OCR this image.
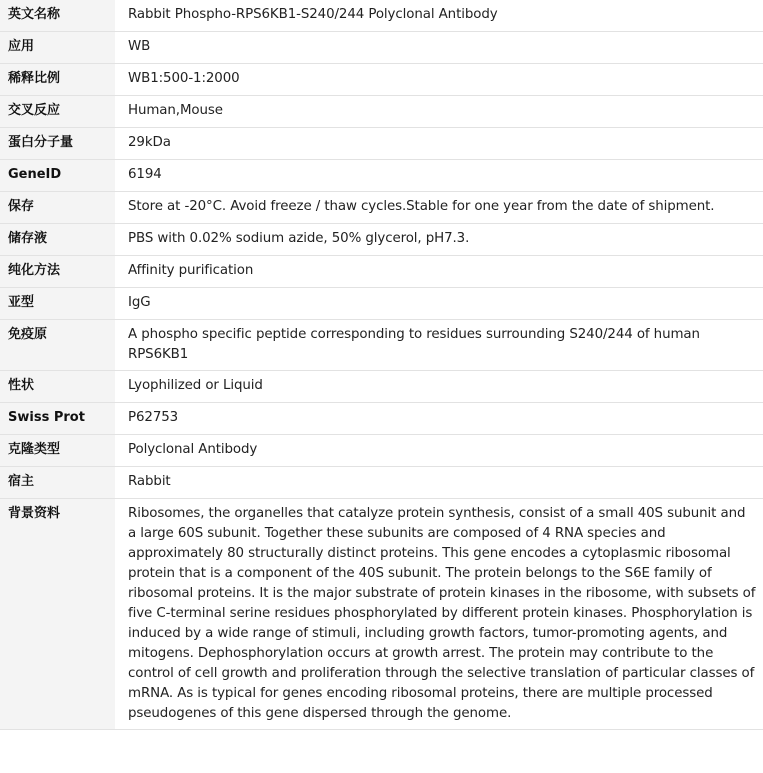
英文名称	Rabbit Phospho-RPS6KB1-S240/244 Polyclonal Antibody
应用	WB
稀释比例	WB1:500-1:2000
交叉反应	Human,Mouse
蛋白分子量	29kDa
GeneID	6194
保存	Store at -20°C. Avoid freeze / thaw cycles.Stable for one year from the date of shipment.
储存液	PBS with 0.02% sodium azide, 50% glycerol, pH7.3.
纯化方法	Affinity purification
亚型	IgG
免疫原	A phospho specific peptide corresponding to residues surrounding S240/244 of human RPS6KB1
性状	Lyophilized or Liquid
Swiss Prot	P62753
克隆类型	Polyclonal Antibody
宿主	Rabbit
背景资料	Ribosomes, the organelles that catalyze protein synthesis, consist of a small 40S subunit and a large 60S subunit. Together these subunits are composed of 4 RNA species and approximately 80 structurally distinct proteins. This gene encodes a cytoplasmic ribosomal protein that is a component of the 40S subunit. The protein belongs to the S6E family of ribosomal proteins. It is the major substrate of protein kinases in the ribosome, with subsets of five C-terminal serine residues phosphorylated by different protein kinases. Phosphorylation is induced by a wide range of stimuli, including growth factors, tumor-promoting agents, and mitogens. Dephosphorylation occurs at growth arrest. The protein may contribute to the control of cell growth and proliferation through the selective translation of particular classes of mRNA. As is typical for genes encoding ribosomal proteins, there are multiple processed pseudogenes of this gene dispersed through the genome.
